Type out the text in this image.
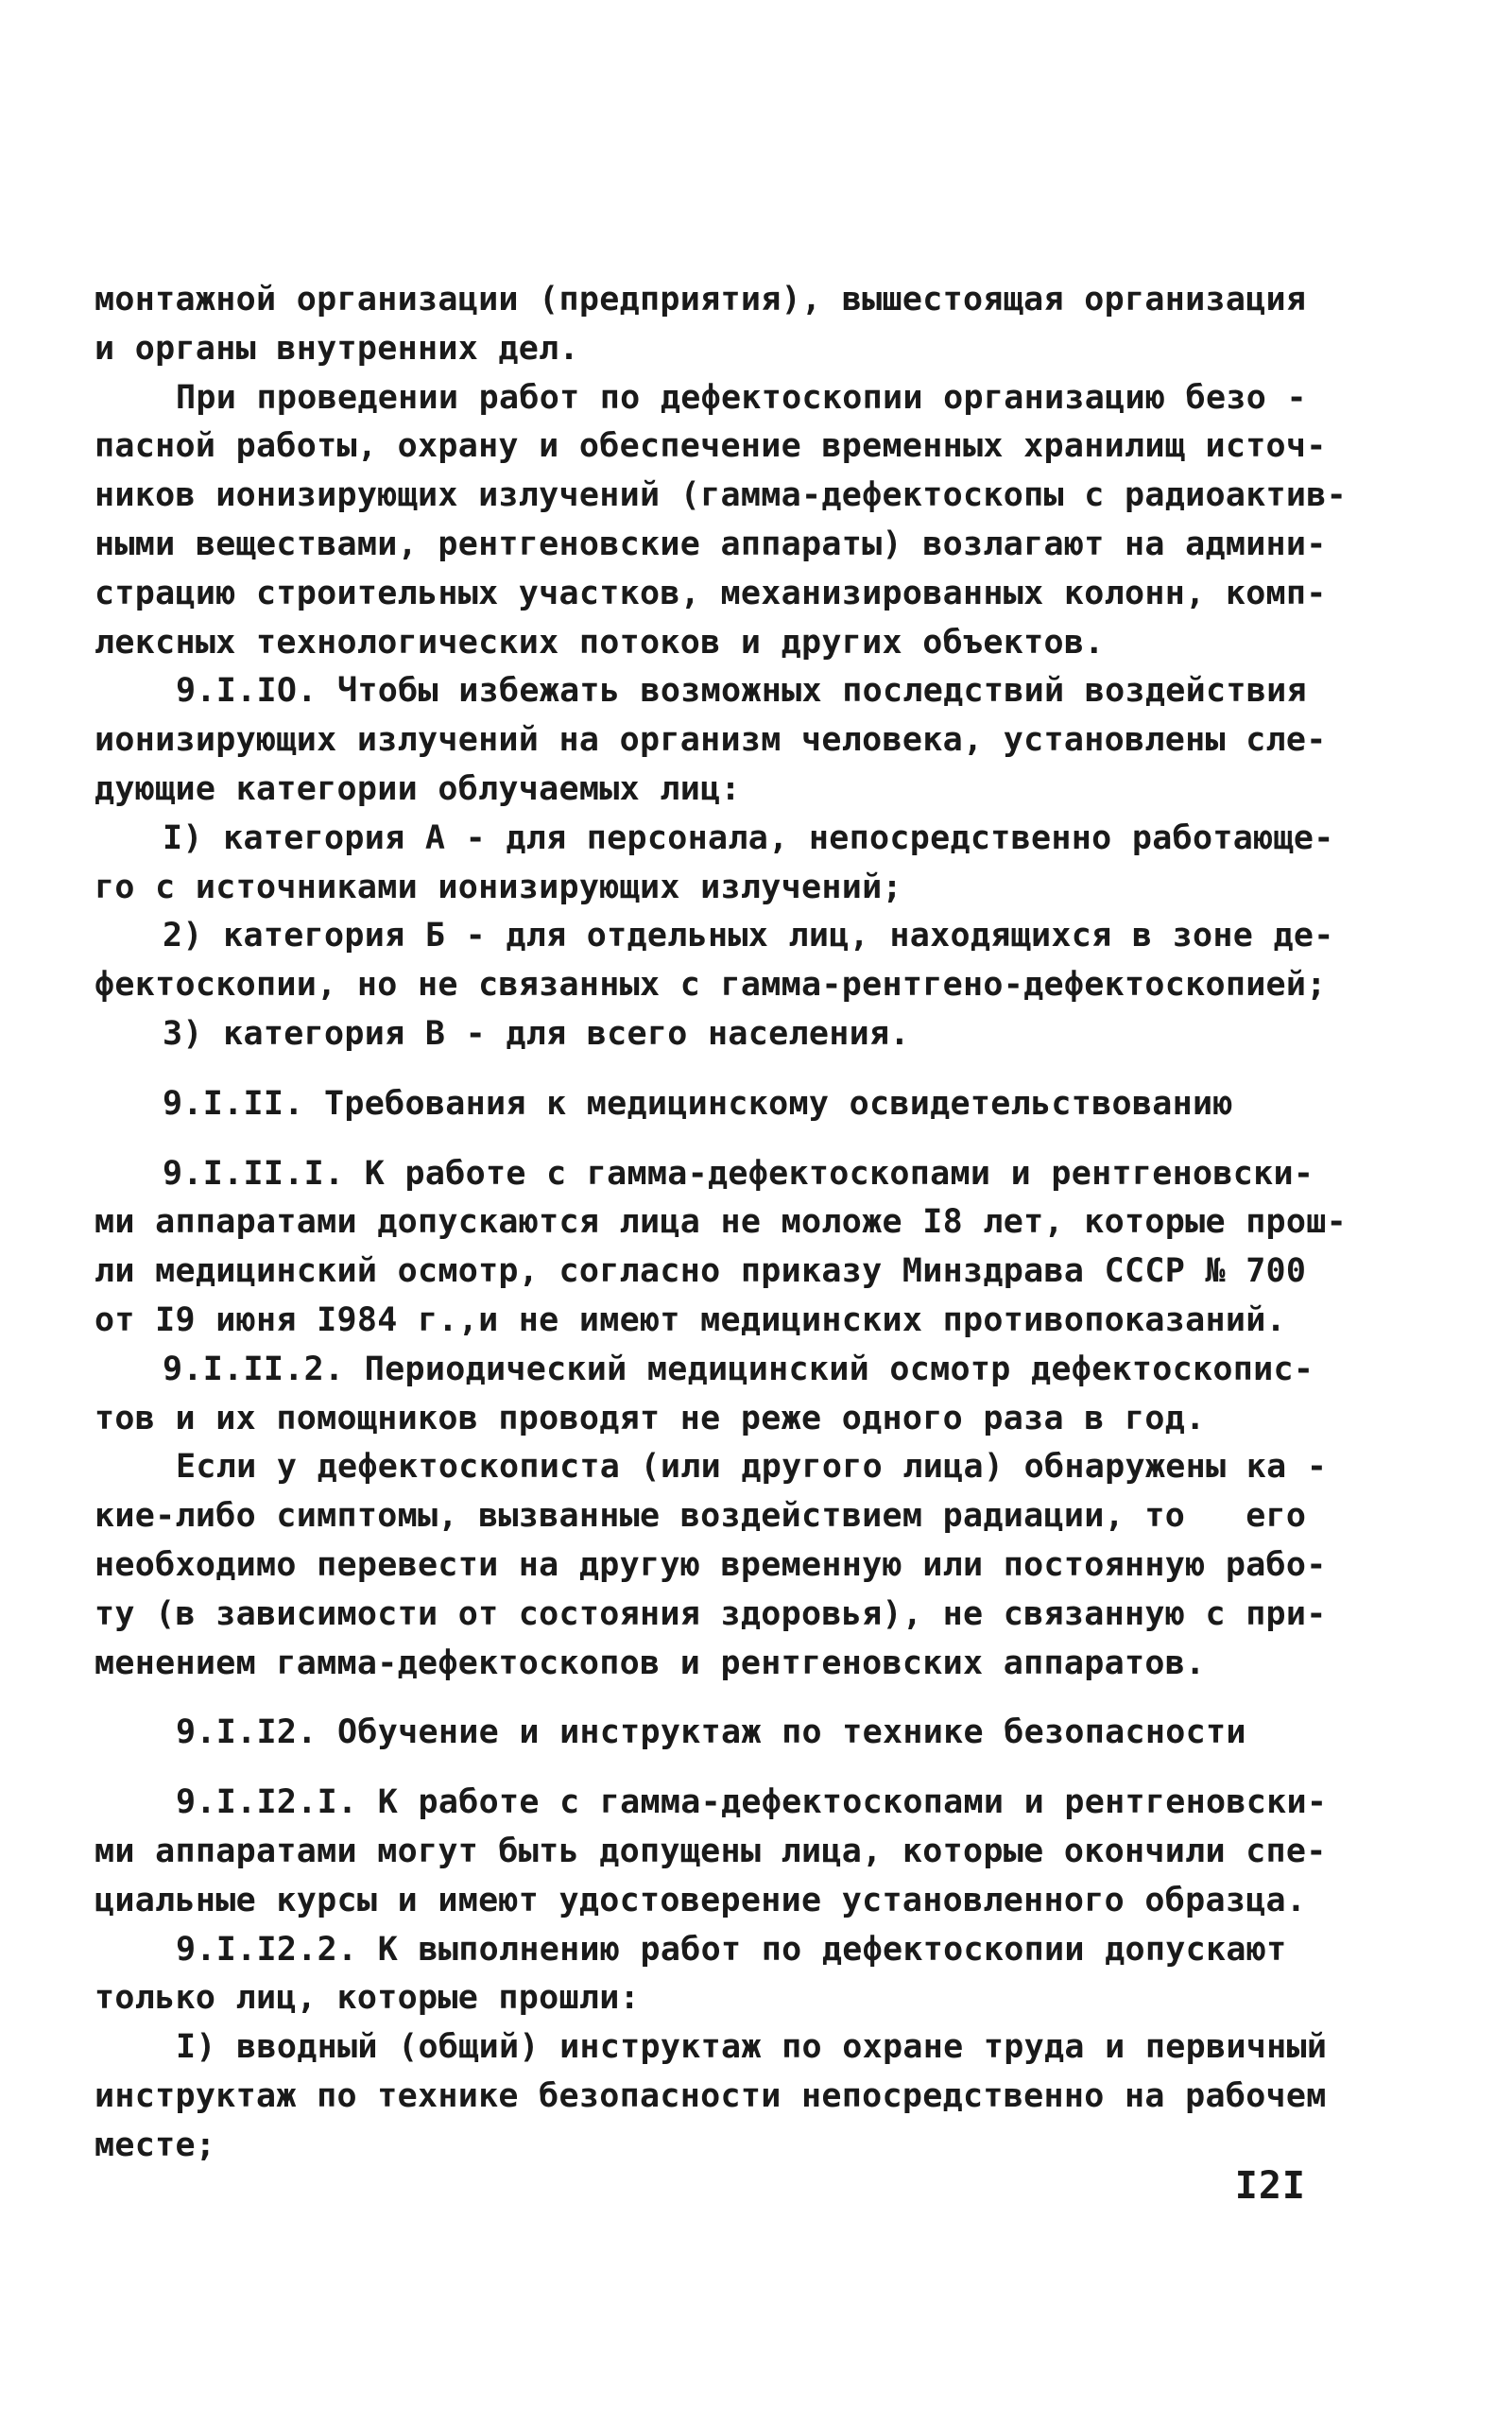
монтажной организации (предприятия), вышестоящая организация
и органы внутренних дел.
При проведении работ по дефектоскопии организацию безо -
пасной работы, охрану и обеспечение временных хранилищ источ-
ников ионизирующих излучений (гамма-дефектоскопы с радиоактив-
ными веществами, рентгеновские аппараты) возлагают на админи-
страцию строительных участков, механизированных колонн, комп-
лексных технологических потоков и других объектов.
9.I.IO. Чтобы избежать возможных последствий воздействия
ионизирующих излучений на организм человека, установлены сле-
дующие категории облучаемых лиц:
I) категория А - для персонала, непосредственно работающе-
го с источниками ионизирующих излучений;
2) категория Б - для отдельных лиц, находящихся в зоне де-
фектоскопии, но не связанных с гамма-рентгено-дефектоскопией;
3) категория В - для всего населения.
9.I.II. Требования к медицинскому освидетельствованию
9.I.II.I. К работе с гамма-дефектоскопами и рентгеновски-
ми аппаратами допускаются лица не моложе I8 лет, которые прош-
ли медицинский осмотр, согласно приказу Минздрава СССР № 700
от I9 июня I984 г.,и не имеют медицинских противопоказаний.
9.I.II.2. Периодический медицинский осмотр дефектоскопис-
тов и их помощников проводят не реже одного раза в год.
Если у дефектоскописта (или другого лица) обнаружены ка -
кие-либо симптомы, вызванные воздействием радиации, то   его
необходимо перевести на другую временную или постоянную рабо-
ту (в зависимости от состояния здоровья), не связанную с при-
менением гамма-дефектоскопов и рентгеновских аппаратов.
9.I.I2. Обучение и инструктаж по технике безопасности
9.I.I2.I. К работе с гамма-дефектоскопами и рентгеновски-
ми аппаратами могут быть допущены лица, которые окончили спе-
циальные курсы и имеют удостоверение установленного образца.
9.I.I2.2. К выполнению работ по дефектоскопии допускают
только лиц, которые прошли:
I) вводный (общий) инструктаж по охране труда и первичный
инструктаж по технике безопасности непосредственно на рабочем
месте;
I2I
